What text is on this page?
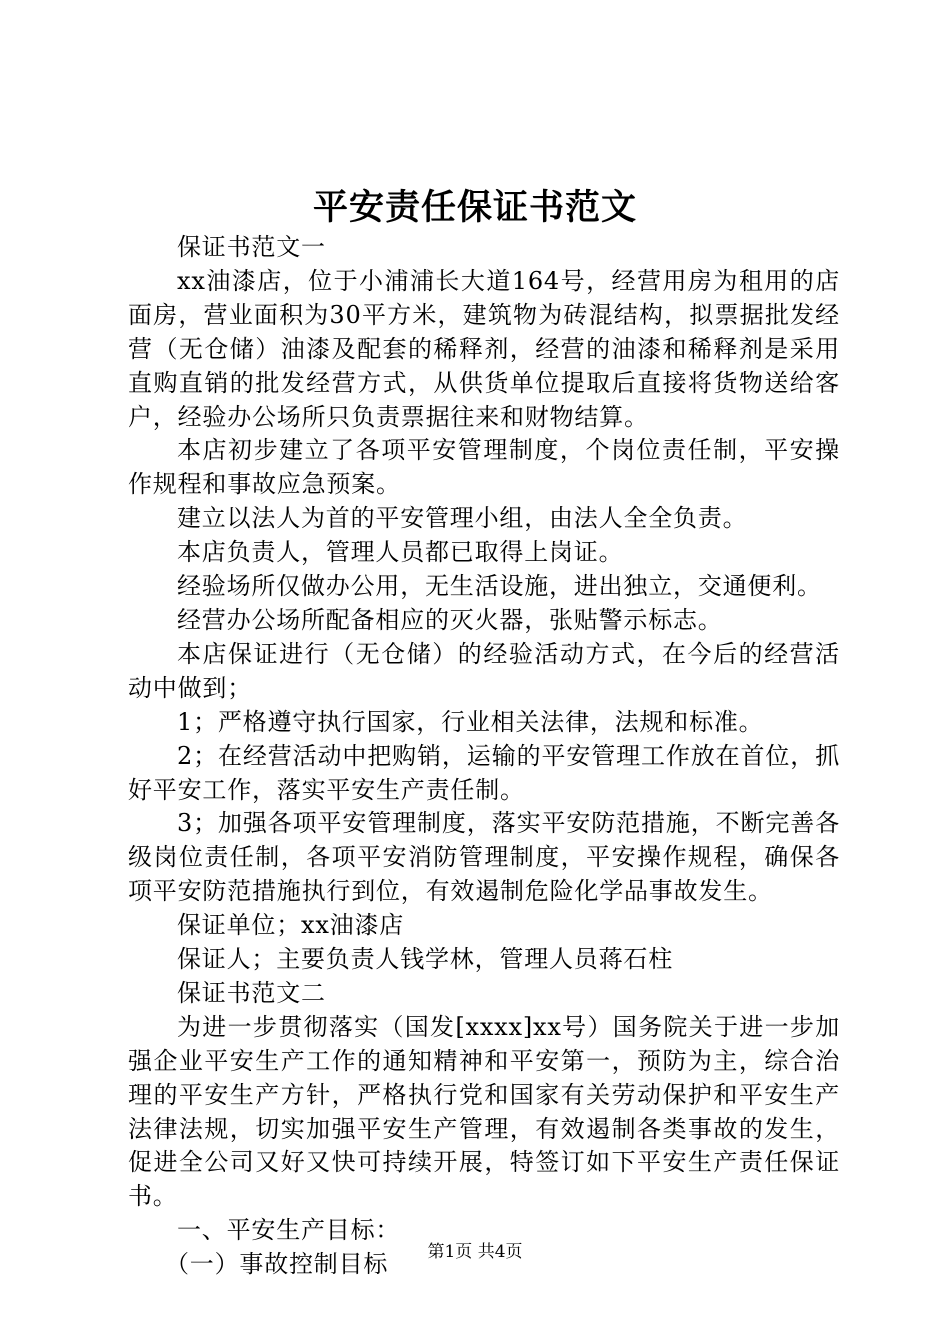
平安责任保证书范文

保证书范文一

xx油漆店，位于小浦浦长大道164号，经营用房为租用的店面房，营业面积为30平方米，建筑物为砖混结构，拟票据批发经营（无仓储）油漆及配套的稀释剂，经营的油漆和稀释剂是采用直购直销的批发经营方式，从供货单位提取后直接将货物送给客户，经验办公场所只负责票据往来和财物结算。

本店初步建立了各项平安管理制度，个岗位责任制，平安操作规程和事故应急预案。

建立以法人为首的平安管理小组，由法人全全负责。

本店负责人，管理人员都已取得上岗证。

经验场所仅做办公用，无生活设施，进出独立，交通便利。

经营办公场所配备相应的灭火器，张贴警示标志。

本店保证进行（无仓储）的经验活动方式，在今后的经营活动中做到；

1；严格遵守执行国家，行业相关法律，法规和标准。

2；在经营活动中把购销，运输的平安管理工作放在首位，抓好平安工作，落实平安生产责任制。

3；加强各项平安管理制度，落实平安防范措施，不断完善各级岗位责任制，各项平安消防管理制度，平安操作规程，确保各项平安防范措施执行到位，有效遏制危险化学品事故发生。

保证单位；xx油漆店

保证人；主要负责人钱学林，管理人员蒋石柱

保证书范文二

为进一步贯彻落实（国发[xxxx]xx号）国务院关于进一步加强企业平安生产工作的通知精神和平安第一，预防为主，综合治理的平安生产方针，严格执行党和国家有关劳动保护和平安生产法律法规，切实加强平安生产管理，有效遏制各类事故的发生，促进全公司又好又快可持续开展，特签订如下平安生产责任保证书。

一、平安生产目标：

（一）事故控制目标	第1页 共4页
